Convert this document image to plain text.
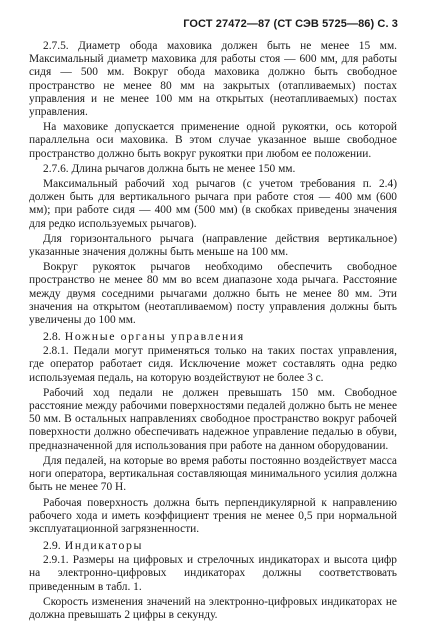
ГОСТ 27472—87 (СТ СЭВ 5725—86) С. 3

2.7.5. Диаметр обода маховика должен быть не менее 15 мм. Максимальный диаметр маховика для работы стоя — 600 мм, для работы сидя — 500 мм. Вокруг обода маховика должно быть свободное пространство не менее 80 мм на закрытых (отапливаемых) постах управления и не менее 100 мм на открытых (неотапливаемых) постах управления.

На маховике допускается применение одной рукоятки, ось которой параллельна оси маховика. В этом случае указанное выше свободное пространство должно быть вокруг рукоятки при любом ее положении.

2.7.6. Длина рычагов должна быть не менее 150 мм.

Максимальный рабочий ход рычагов (с учетом требования п. 2.4) должен быть для вертикального рычага при работе стоя — 400 мм (600 мм); при работе сидя — 400 мм (500 мм) (в скобках приведены значения для редко используемых рычагов).

Для горизонтального рычага (направление действия вертикальное) указанные значения должны быть меньше на 100 мм.

Вокруг рукояток рычагов необходимо обеспечить свободное пространство не менее 80 мм во всем диапазоне хода рычага. Расстояние между двумя соседними рычагами должно быть не менее 80 мм. Эти значения на открытом (неотапливаемом) посту управления должны быть увеличены до 100 мм.

2.8. Ножные органы управления

2.8.1. Педали могут применяться только на таких постах управления, где оператор работает сидя. Исключение может составлять одна редко используемая педаль, на которую воздействуют не более 3 с.

Рабочий ход педали не должен превышать 150 мм. Свободное расстояние между рабочими поверхностями педалей должно быть не менее 50 мм. В остальных направлениях свободное пространство вокруг рабочей поверхности должно обеспечивать надежное управление педалью в обуви, предназначенной для использования при работе на данном оборудовании.

Для педалей, на которые во время работы постоянно воздействует масса ноги оператора, вертикальная составляющая минимального усилия должна быть не менее 70 Н.

Рабочая поверхность должна быть перпендикулярной к направлению рабочего хода и иметь коэффициент трения не менее 0,5 при нормальной эксплуатационной загрязненности.

2.9. Индикаторы

2.9.1. Размеры на цифровых и стрелочных индикаторах и высота цифр на электронно-цифровых индикаторах должны соответствовать приведенным в табл. 1.

Скорость изменения значений на электронно-цифровых индикаторах не должна превышать 2 цифры в секунду.
